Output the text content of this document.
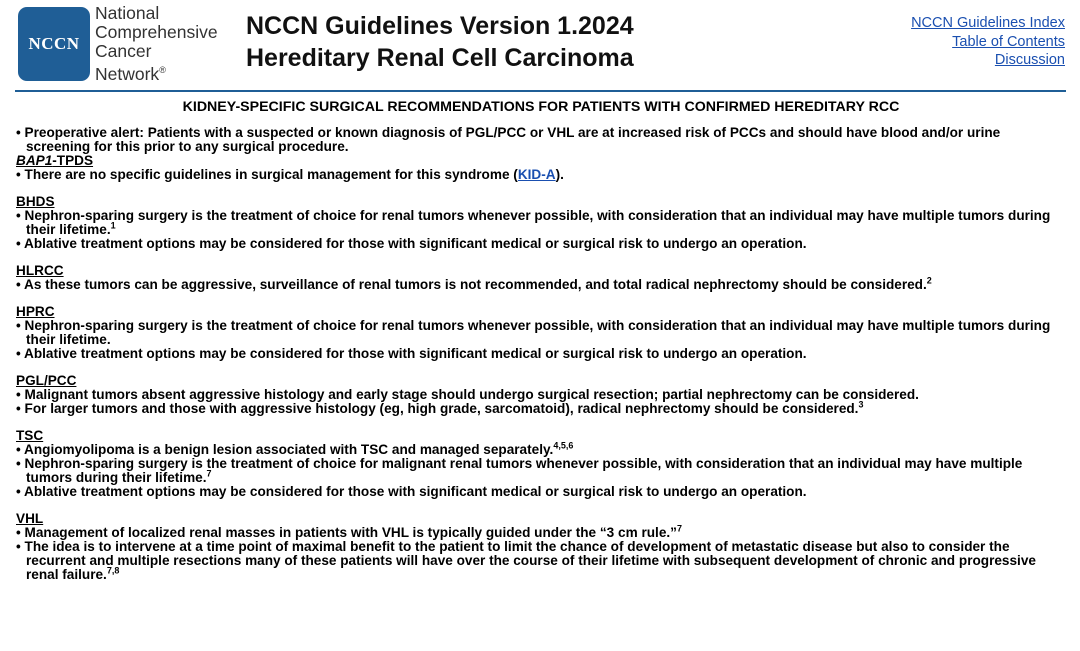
NCCN
National
Comprehensive
Cancer
Network®
NCCN Guidelines Version 1.2024
Hereditary Renal Cell Carcinoma
NCCN Guidelines Index
Table of Contents
Discussion
KIDNEY-SPECIFIC SURGICAL RECOMMENDATIONS FOR PATIENTS WITH CONFIRMED HEREDITARY RCC
• Preoperative alert: Patients with a suspected or known diagnosis of PGL/PCC or VHL are at increased risk of PCCs and should have blood and/or urine screening for this prior to any surgical procedure.
BAP1-TPDS
• There are no specific guidelines in surgical management for this syndrome (KID-A).
BHDS
• Nephron-sparing surgery is the treatment of choice for renal tumors whenever possible, with consideration that an individual may have multiple tumors during their lifetime.$^1$
• Ablative treatment options may be considered for those with significant medical or surgical risk to undergo an operation.
HLRCC
• As these tumors can be aggressive, surveillance of renal tumors is not recommended, and total radical nephrectomy should be considered.$^2$
HPRC
• Nephron-sparing surgery is the treatment of choice for renal tumors whenever possible, with consideration that an individual may have multiple tumors during their lifetime.
• Ablative treatment options may be considered for those with significant medical or surgical risk to undergo an operation.
PGL/PCC
• Malignant tumors absent aggressive histology and early stage should undergo surgical resection; partial nephrectomy can be considered.
• For larger tumors and those with aggressive histology (eg, high grade, sarcomatoid), radical nephrectomy should be considered.$^3$
TSC
• Angiomyolipoma is a benign lesion associated with TSC and managed separately.$^{4,5,6}$
• Nephron-sparing surgery is the treatment of choice for malignant renal tumors whenever possible, with consideration that an individual may have multiple tumors during their lifetime.$^7$
• Ablative treatment options may be considered for those with significant medical or surgical risk to undergo an operation.
VHL
• Management of localized renal masses in patients with VHL is typically guided under the “3 cm rule.”$^7$
• The idea is to intervene at a time point of maximal benefit to the patient to limit the chance of development of metastatic disease but also to consider the recurrent and multiple resections many of these patients will have over the course of their lifetime with subsequent development of chronic and progressive renal failure.$^{7,8}$
